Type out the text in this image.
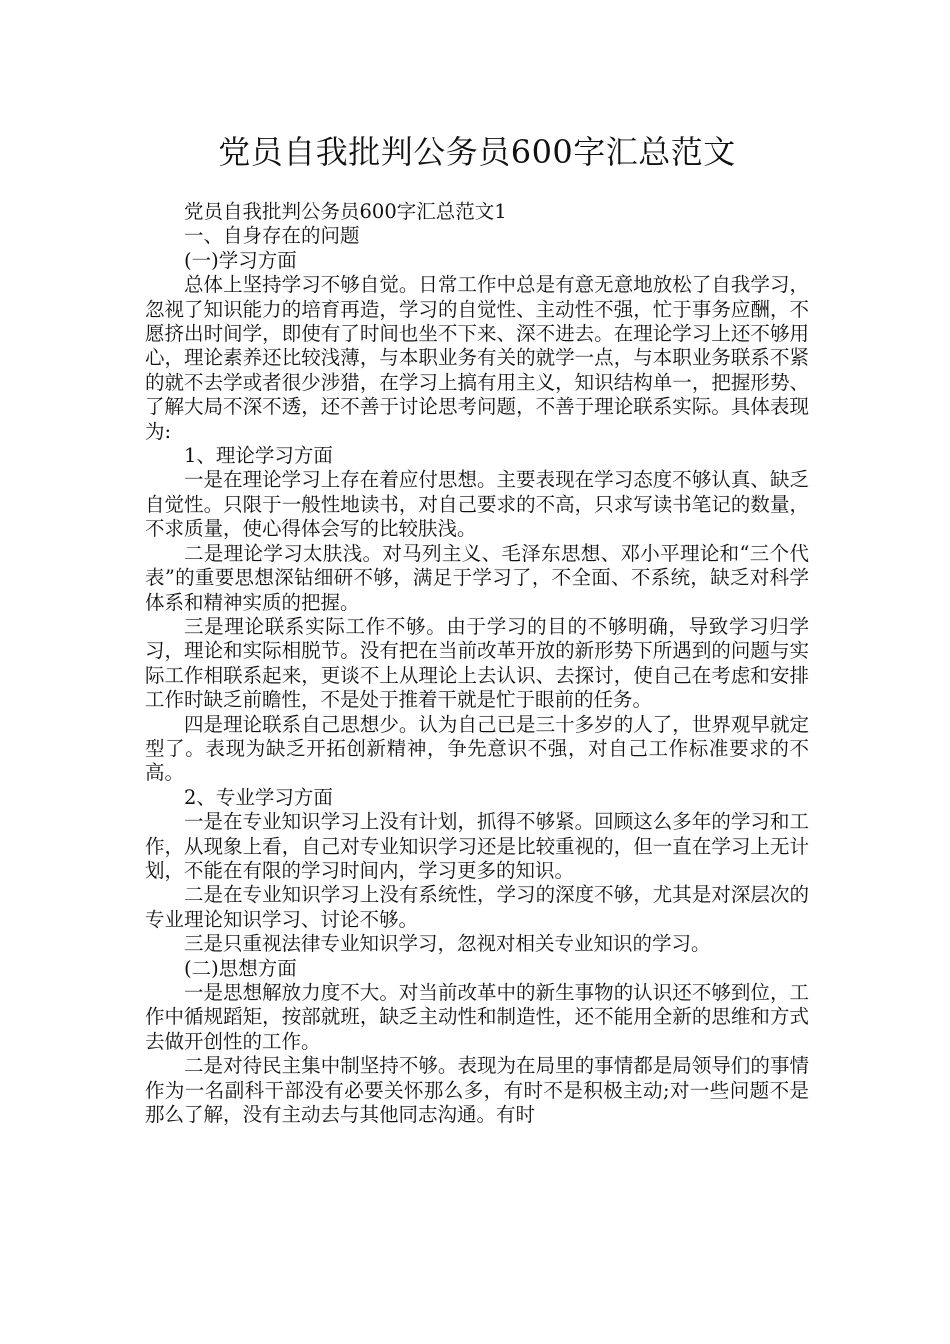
党员自我批判公务员600字汇总范文

党员自我批判公务员600字汇总范文1

一、自身存在的问题

(一)学习方面

总体上坚持学习不够自觉。日常工作中总是有意无意地放松了自我学习，忽视了知识能力的培育再造，学习的自觉性、主动性不强，忙于事务应酬，不愿挤出时间学，即使有了时间也坐不下来、深不进去。在理论学习上还不够用心，理论素养还比较浅薄，与本职业务有关的就学一点，与本职业务联系不紧的就不去学或者很少涉猎，在学习上搞有用主义，知识结构单一，把握形势、了解大局不深不透，还不善于讨论思考问题，不善于理论联系实际。具体表现为:

1、理论学习方面

一是在理论学习上存在着应付思想。主要表现在学习态度不够认真、缺乏自觉性。只限于一般性地读书，对自己要求的不高，只求写读书笔记的数量，不求质量，使心得体会写的比较肤浅。

二是理论学习太肤浅。对马列主义、毛泽东思想、邓小平理论和“三个代表”的重要思想深钻细研不够，满足于学习了，不全面、不系统，缺乏对科学体系和精神实质的把握。

三是理论联系实际工作不够。由于学习的目的不够明确，导致学习归学习，理论和实际相脱节。没有把在当前改革开放的新形势下所遇到的问题与实际工作相联系起来，更谈不上从理论上去认识、去探讨，使自己在考虑和安排工作时缺乏前瞻性，不是处于推着干就是忙于眼前的任务。

四是理论联系自己思想少。认为自己已是三十多岁的人了，世界观早就定型了。表现为缺乏开拓创新精神，争先意识不强，对自己工作标准要求的不高。

2、专业学习方面

一是在专业知识学习上没有计划，抓得不够紧。回顾这么多年的学习和工作，从现象上看，自己对专业知识学习还是比较重视的，但一直在学习上无计划，不能在有限的学习时间内，学习更多的知识。

二是在专业知识学习上没有系统性，学习的深度不够，尤其是对深层次的专业理论知识学习、讨论不够。

三是只重视法律专业知识学习，忽视对相关专业知识的学习。

(二)思想方面

一是思想解放力度不大。对当前改革中的新生事物的认识还不够到位，工作中循规蹈矩，按部就班，缺乏主动性和制造性，还不能用全新的思维和方式去做开创性的工作。

二是对待民主集中制坚持不够。表现为在局里的事情都是局领导们的事情作为一名副科干部没有必要关怀那么多，有时不是积极主动;对一些问题不是那么了解，没有主动去与其他同志沟通。有时
